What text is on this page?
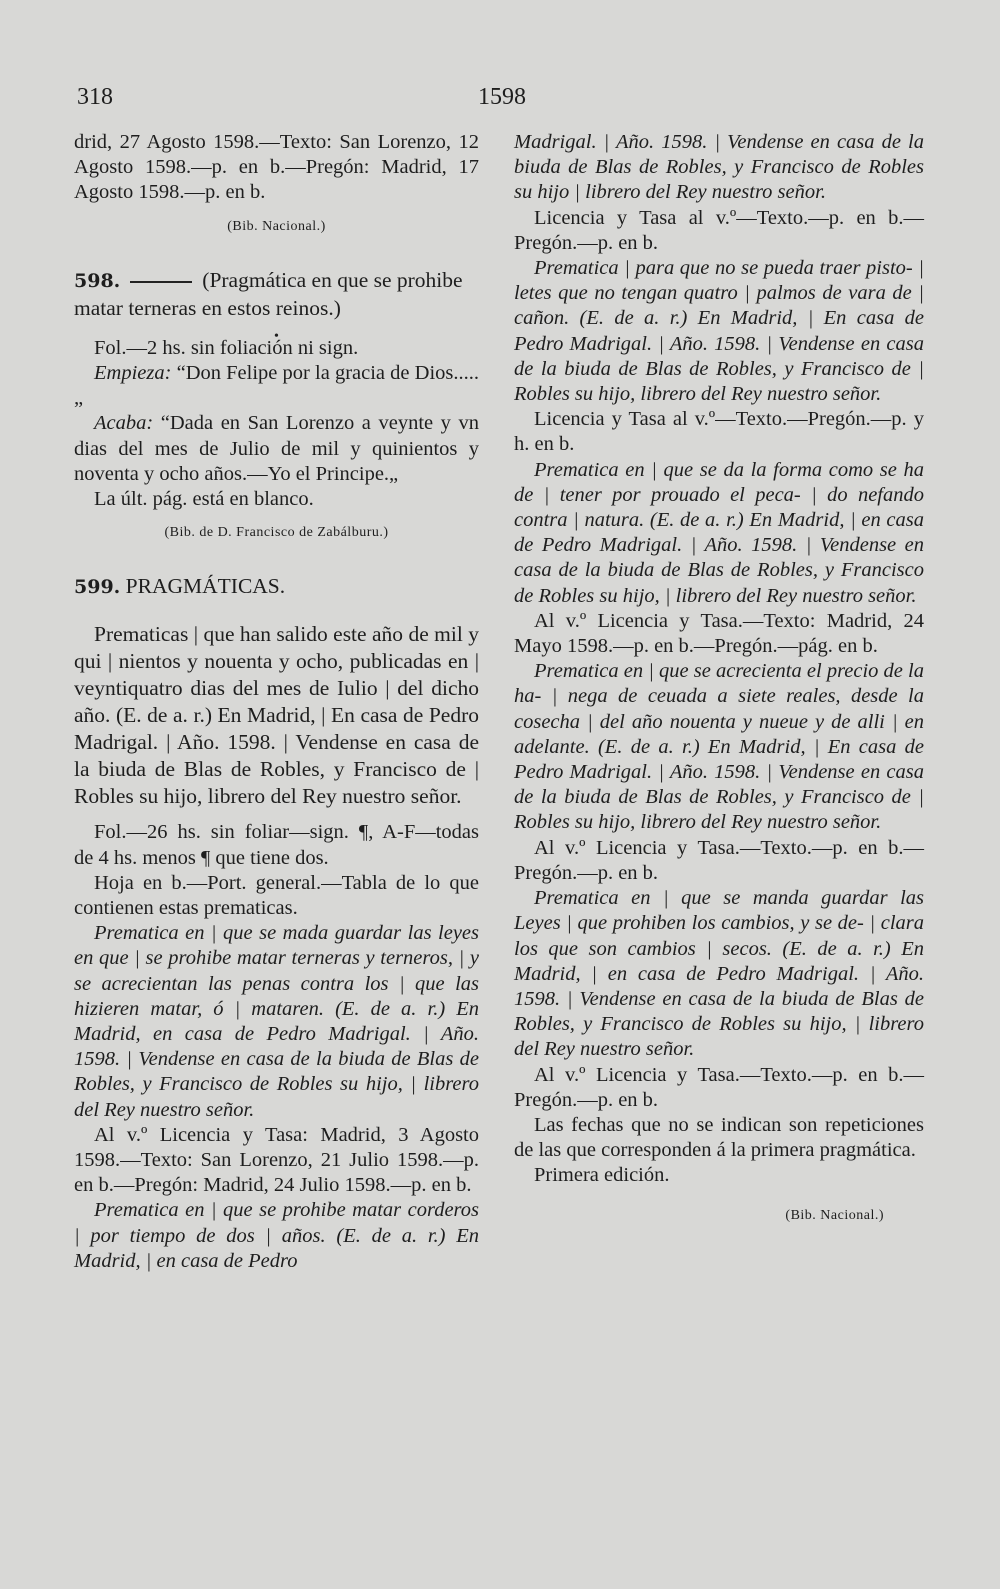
318	1598

drid, 27 Agosto 1598.—Texto: San Lorenzo, 12 Agosto 1598.—p. en b.—Pregón: Madrid, 17 Agosto 1598.—p. en b.

(Bib. Nacional.)

598.	(Pragmática en que se prohibe matar terneras en estos reinos.)

•

Fol.—2 hs. sin foliación ni sign.

Empieza: “Don Felipe por la gracia de Dios.....„

Acaba: “Dada en San Lorenzo a veynte y vn dias del mes de Julio de mil y quinientos y noventa y ocho años.—Yo el Principe.„

La últ. pág. está en blanco.

(Bib. de D. Francisco de Zabálburu.)

599. PRAGMÁTICAS.

Prematicas | que han salido este año de mil y qui | nientos y nouenta y ocho, publicadas en | veyntiquatro dias del mes de Iulio | del dicho año. (E. de a. r.) En Madrid, | En casa de Pedro Madrigal. | Año. 1598. | Vendense en casa de la biuda de Blas de Robles, y Francisco de | Robles su hijo, librero del Rey nuestro señor.

Fol.—26 hs. sin foliar—sign. ¶, A-F—todas de 4 hs. menos ¶ que tiene dos.

Hoja en b.—Port. general.—Tabla de lo que contienen estas prematicas.

Prematica en | que se mada guardar las leyes en que | se prohibe matar terneras y terneros, | y se acrecientan las penas contra los | que las hizieren matar, ó | mataren. (E. de a. r.) En Madrid, en casa de Pedro Madrigal. | Año. 1598. | Vendense en casa de la biuda de Blas de Robles, y Francisco de Robles su hijo, | librero del Rey nuestro señor.

Al v.º Licencia y Tasa: Madrid, 3 Agosto 1598.—Texto: San Lorenzo, 21 Julio 1598.—p. en b.—Pregón: Madrid, 24 Julio 1598.—p. en b.

Prematica en | que se prohibe matar corderos | por tiempo de dos | años. (E. de a. r.) En Madrid, | en casa de Pedro

Madrigal. | Año. 1598. | Vendense en casa de la biuda de Blas de Robles, y Francisco de Robles su hijo | librero del Rey nuestro señor.

Licencia y Tasa al v.º—Texto.—p. en b.—Pregón.—p. en b.

Prematica | para que no se pueda traer pisto- | letes que no tengan quatro | palmos de vara de | cañon. (E. de a. r.) En Madrid, | En casa de Pedro Madrigal. | Año. 1598. | Vendense en casa de la biuda de Blas de Robles, y Francisco de | Robles su hijo, librero del Rey nuestro señor.

Licencia y Tasa al v.º—Texto.—Pregón.—p. y h. en b.

Prematica en | que se da la forma como se ha de | tener por prouado el peca- | do nefando contra | natura. (E. de a. r.) En Madrid, | en casa de Pedro Madrigal. | Año. 1598. | Vendense en casa de la biuda de Blas de Robles, y Francisco de Robles su hijo, | librero del Rey nuestro señor.

Al v.º Licencia y Tasa.—Texto: Madrid, 24 Mayo 1598.—p. en b.—Pregón.—pág. en b.

Prematica en | que se acrecienta el precio de la ha- | nega de ceuada a siete reales, desde la cosecha | del año nouenta y nueue y de alli | en adelante. (E. de a. r.) En Madrid, | En casa de Pedro Madrigal. | Año. 1598. | Vendense en casa de la biuda de Blas de Robles, y Francisco de | Robles su hijo, librero del Rey nuestro señor.

Al v.º Licencia y Tasa.—Texto.—p. en b.—Pregón.—p. en b.

Prematica en | que se manda guardar las Leyes | que prohiben los cambios, y se de- | clara los que son cambios | secos. (E. de a. r.) En Madrid, | en casa de Pedro Madrigal. | Año. 1598. | Vendense en casa de la biuda de Blas de Robles, y Francisco de Robles su hijo, | librero del Rey nuestro señor.

Al v.º Licencia y Tasa.—Texto.—p. en b.—Pregón.—p. en b.

Las fechas que no se indican son repeticiones de las que corresponden á la primera pragmática.

Primera edición.

(Bib. Nacional.)
